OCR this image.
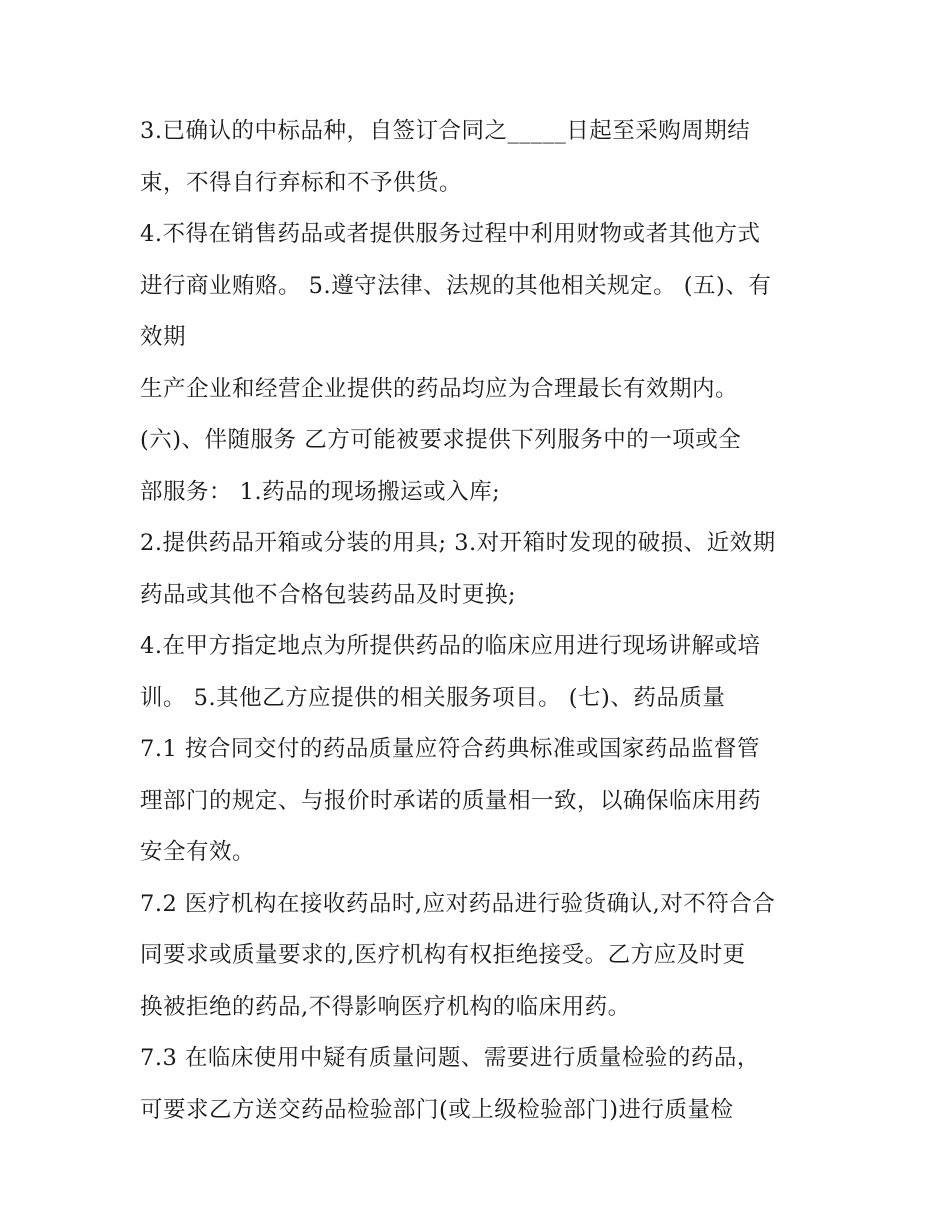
3.已确认的中标品种，自签订合同之_____日起至采购周期结
束，不得自行弃标和不予供货。
4.不得在销售药品或者提供服务过程中利用财物或者其他方式
进行商业贿赂。 5.遵守法律、法规的其他相关规定。 (五)、有
效期
生产企业和经营企业提供的药品均应为合理最长有效期内。
(六)、伴随服务 乙方可能被要求提供下列服务中的一项或全
部服务： 1.药品的现场搬运或入库;
2.提供药品开箱或分装的用具; 3.对开箱时发现的破损、近效期
药品或其他不合格包装药品及时更换;
4.在甲方指定地点为所提供药品的临床应用进行现场讲解或培
训。 5.其他乙方应提供的相关服务项目。 (七)、药品质量
7.1 按合同交付的药品质量应符合药典标准或国家药品监督管
理部门的规定、与报价时承诺的质量相一致，以确保临床用药
安全有效。
7.2 医疗机构在接收药品时,应对药品进行验货确认,对不符合合
同要求或质量要求的,医疗机构有权拒绝接受。乙方应及时更
换被拒绝的药品,不得影响医疗机构的临床用药。
7.3 在临床使用中疑有质量问题、需要进行质量检验的药品，
可要求乙方送交药品检验部门(或上级检验部门)进行质量检
